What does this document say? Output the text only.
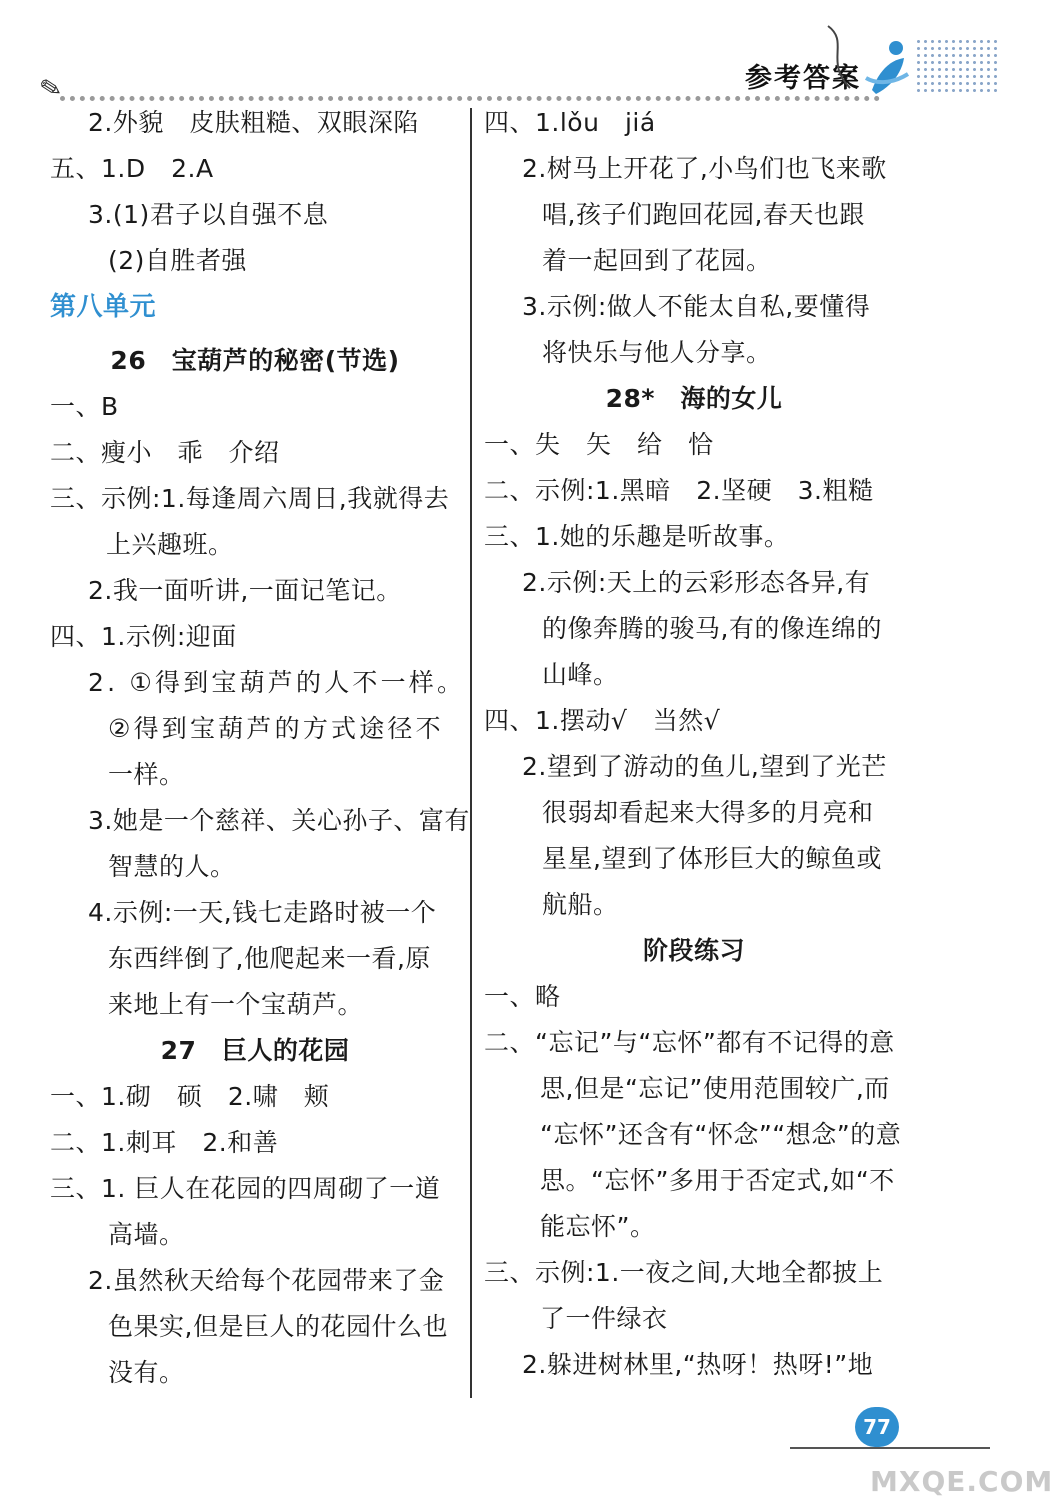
✎	参考答案
2.外貌　皮肤粗糙、双眼深陷
五、1.D　2.A
3.(1)君子以自强不息
(2)自胜者强
第八单元
26　宝葫芦的秘密(节选)
一、B
二、瘦小　乖　介绍
三、示例:1.每逢周六周日,我就得去
上兴趣班。
2.我一面听讲,一面记笔记。
四、1.示例:迎面
2. ①得到宝葫芦的人不一样。
②得到宝葫芦的方式途径不
一样。
3.她是一个慈祥、关心孙子、富有
智慧的人。
4.示例:一天,钱七走路时被一个
东西绊倒了,他爬起来一看,原
来地上有一个宝葫芦。
27　巨人的花园
一、1.砌　硕　2.啸　颊
二、1.刺耳　2.和善
三、1. 巨人在花园的四周砌了一道
高墙。
2.虽然秋天给每个花园带来了金
色果实,但是巨人的花园什么也
没有。
四、1.lǒu　jiá
2.树马上开花了,小鸟们也飞来歌
唱,孩子们跑回花园,春天也跟
着一起回到了花园。
3.示例:做人不能太自私,要懂得
将快乐与他人分享。
28*　海的女儿
一、失　矢　给　恰
二、示例:1.黑暗　2.坚硬　3.粗糙
三、1.她的乐趣是听故事。
2.示例:天上的云彩形态各异,有
的像奔腾的骏马,有的像连绵的
山峰。
四、1.摆动√　当然√
2.望到了游动的鱼儿,望到了光芒
很弱却看起来大得多的月亮和
星星,望到了体形巨大的鲸鱼或
航船。
阶段练习
一、略
二、“忘记”与“忘怀”都有不记得的意
思,但是“忘记”使用范围较广,而
“忘怀”还含有“怀念”“想念”的意
思。“忘怀”多用于否定式,如“不
能忘怀”。
三、示例:1.一夜之间,大地全都披上
了一件绿衣
2.躲进树林里,“热呀！热呀!”地
77
MXQE.COM
